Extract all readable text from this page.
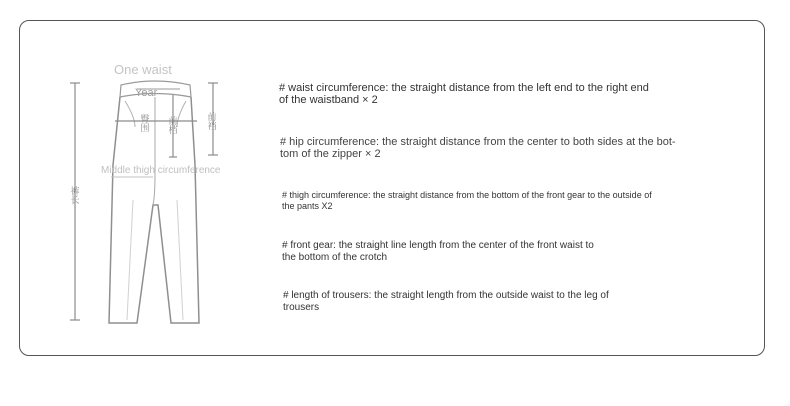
One waist
Year
臀围
前档
前裆
裤长
Middle thigh circumference

# waist circumference: the straight distance from the left end to the right end

of the waistband × 2

# hip circumference: the straight distance from the center to both sides at the bot-

tom of the zipper × 2

# thigh circumference: the straight distance from the bottom of the front gear to the outside of

the pants X2

# front gear: the straight line length from the center of the front waist to

the bottom of the crotch

# length of trousers: the straight length from the outside waist to the leg of

trousers
